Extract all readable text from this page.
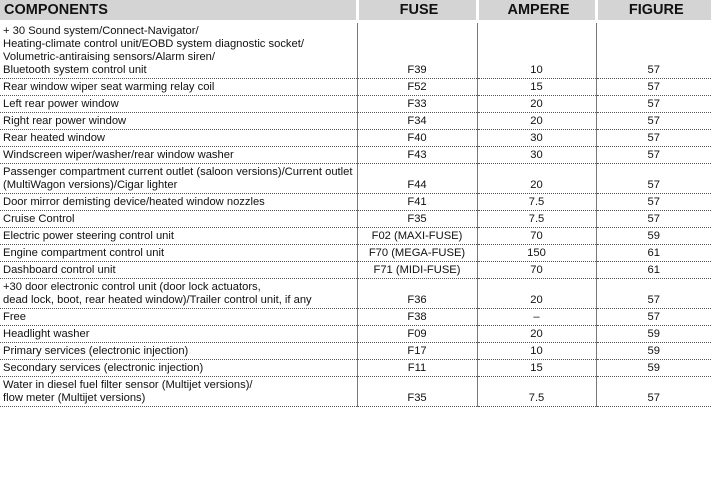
COMPONENTS	FUSE	AMPERE	FIGURE
+ 30 Sound system/Connect-Navigator/
Heating-climate control unit/EOBD system diagnostic socket/
Volumetric-antiraising sensors/Alarm siren/
Bluetooth system control unit	F39	10	57
Rear window wiper seat warming relay coil	F52	15	57
Left rear power window	F33	20	57
Right rear power window	F34	20	57
Rear heated window	F40	30	57
Windscreen wiper/washer/rear window washer	F43	30	57
Passenger compartment current outlet (saloon versions)/Current outlet
(MultiWagon versions)/Cigar lighter	F44	20	57
Door mirror demisting device/heated window nozzles	F41	7.5	57
Cruise Control	F35	7.5	57
Electric power steering control unit	F02 (MAXI-FUSE)	70	59
Engine compartment control unit	F70 (MEGA-FUSE)	150	61
Dashboard control unit	F71 (MIDI-FUSE)	70	61
+30 door electronic control unit (door lock actuators,
dead lock, boot, rear heated window)/Trailer control unit, if any	F36	20	57
Free	F38	–	57
Headlight washer	F09	20	59
Primary services (electronic injection)	F17	10	59
Secondary services (electronic injection)	F11	15	59
Water in diesel fuel filter sensor (Multijet versions)/
flow meter (Multijet versions)	F35	7.5	57
